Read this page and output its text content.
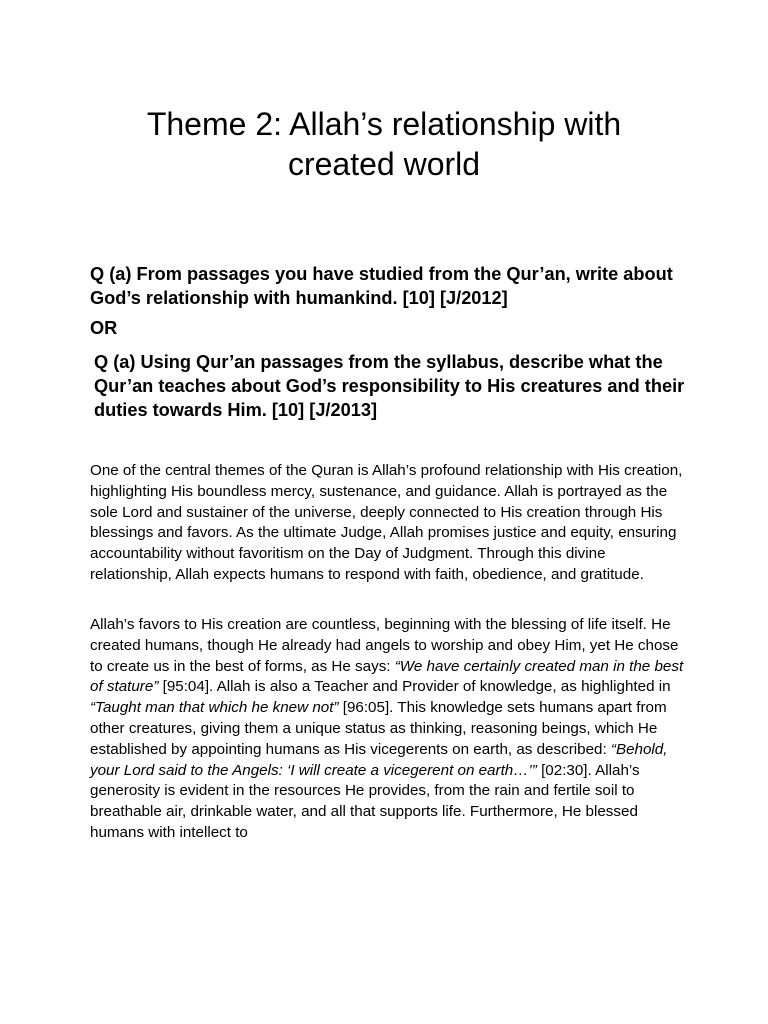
Theme 2: Allah’s relationship with
created world

Q (a) From passages you have studied from the Qur’an, write about God’s relationship with humankind. [10] [J/2012]

OR

Q (a) Using Qur’an passages from the syllabus, describe what the Qur’an teaches about God’s responsibility to His creatures and their duties towards Him. [10] [J/2013]

One of the central themes of the Quran is Allah’s profound relationship with His creation, highlighting His boundless mercy, sustenance, and guidance. Allah is portrayed as the sole Lord and sustainer of the universe, deeply connected to His creation through His blessings and favors. As the ultimate Judge, Allah promises justice and equity, ensuring accountability without favoritism on the Day of Judgment. Through this divine relationship, Allah expects humans to respond with faith, obedience, and gratitude.

Allah’s favors to His creation are countless, beginning with the blessing of life itself. He created humans, though He already had angels to worship and obey Him, yet He chose to create us in the best of forms, as He says: “We have certainly created man in the best of stature” [95:04]. Allah is also a Teacher and Provider of knowledge, as highlighted in “Taught man that which he knew not” [96:05]. This knowledge sets humans apart from other creatures, giving them a unique status as thinking, reasoning beings, which He established by appointing humans as His vicegerents on earth, as described: “Behold, your Lord said to the Angels: ‘I will create a vicegerent on earth…’” [02:30]. Allah’s generosity is evident in the resources He provides, from the rain and fertile soil to breathable air, drinkable water, and all that supports life. Furthermore, He blessed humans with intellect to
